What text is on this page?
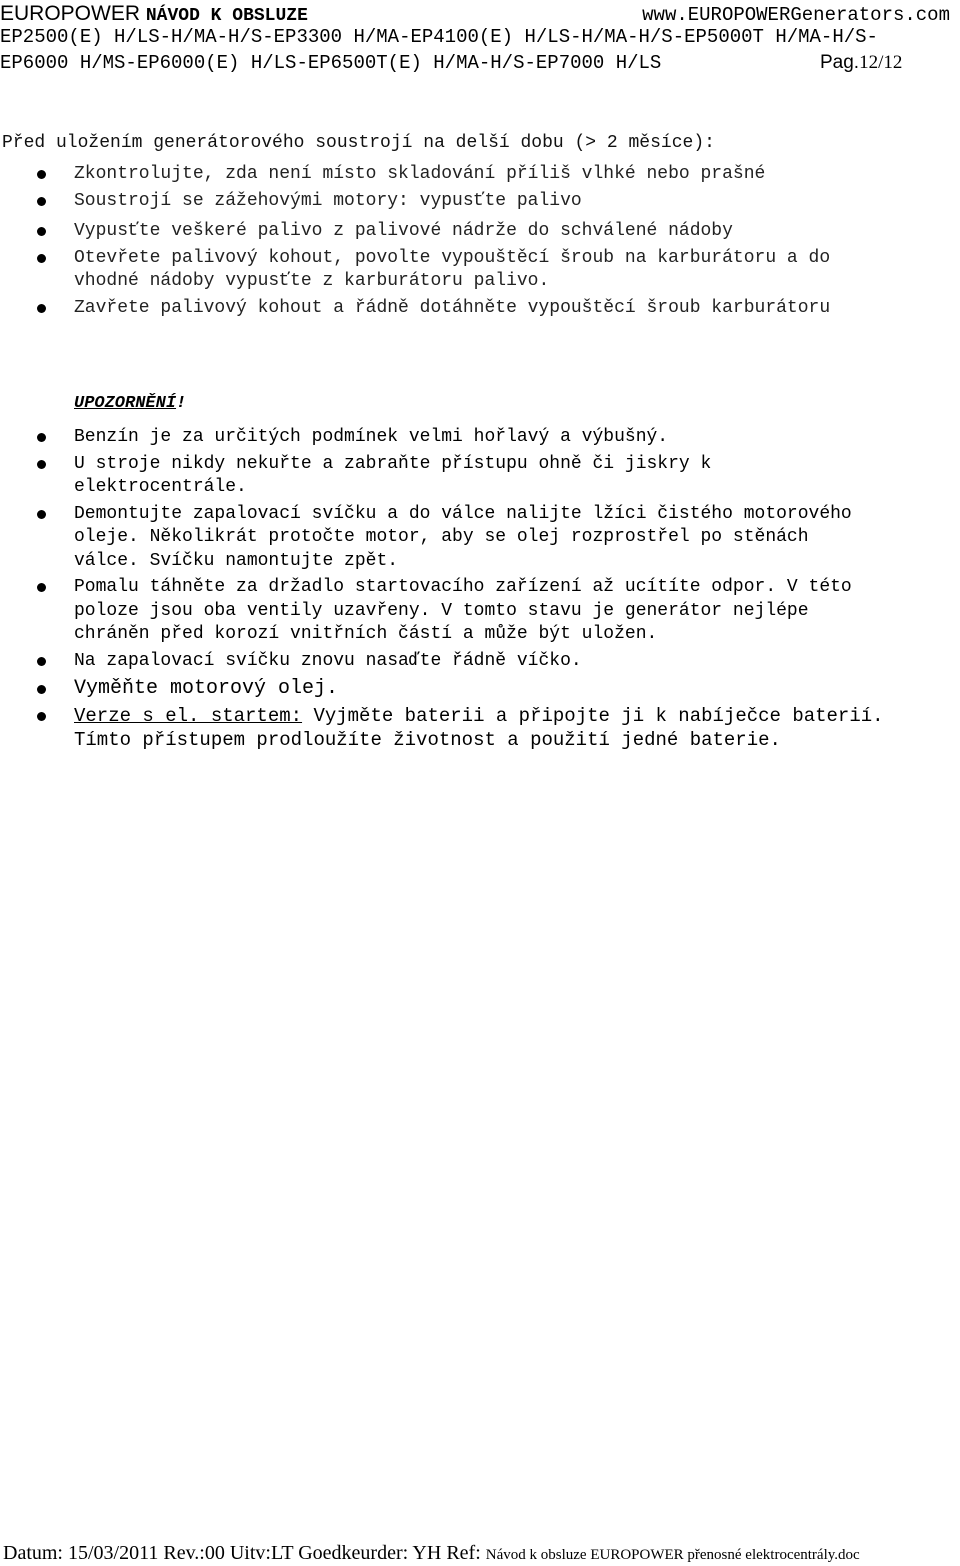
EUROPOWER NÁVOD K OBSLUZE	www.EUROPOWERGenerators.com
EP2500(E) H/LS-H/MA-H/S-EP3300 H/MA-EP4100(E) H/LS-H/MA-H/S-EP5000T H/MA-H/S-
EP6000 H/MS-EP6000(E) H/LS-EP6500T(E) H/MA-H/S-EP7000 H/LS	Pag.12/12
Před uložením generátorového soustrojí na delší dobu (> 2 měsíce):
Zkontrolujte, zda není místo skladování příliš vlhké nebo prašné
Soustrojí se zážehovými motory: vypusťte palivo
Vypusťte veškeré palivo z palivové nádrže do schválené nádoby
Otevřete palivový kohout, povolte vypouštěcí šroub na karburátoru a do
vhodné nádoby vypusťte z karburátoru palivo.
Zavřete palivový kohout a řádně dotáhněte vypouštěcí šroub karburátoru
UPOZORNĚNÍ!
Benzín je za určitých podmínek velmi hořlavý a výbušný.
U stroje nikdy nekuřte a zabraňte přístupu ohně či jiskry k
elektrocentrále.
Demontujte zapalovací svíčku a do válce nalijte lžíci čistého motorového
oleje. Několikrát protočte motor, aby se olej rozprostřel po stěnách
válce. Svíčku namontujte zpět.
Pomalu táhněte za držadlo startovacího zařízení až ucítíte odpor. V této
poloze jsou oba ventily uzavřeny. V tomto stavu je generátor nejlépe
chráněn před korozí vnitřních částí a může být uložen.
Na zapalovací svíčku znovu nasaďte řádně víčko.
Vyměňte motorový olej.
Verze s el. startem: Vyjměte baterii a připojte ji k nabíječce baterií.
Tímto přístupem prodloužíte životnost a použití jedné baterie.
Datum: 15/03/2011 Rev.:00 Uitv:LT Goedkeurder: YH Ref: Návod k obsluze EUROPOWER přenosné elektrocentrály.doc
